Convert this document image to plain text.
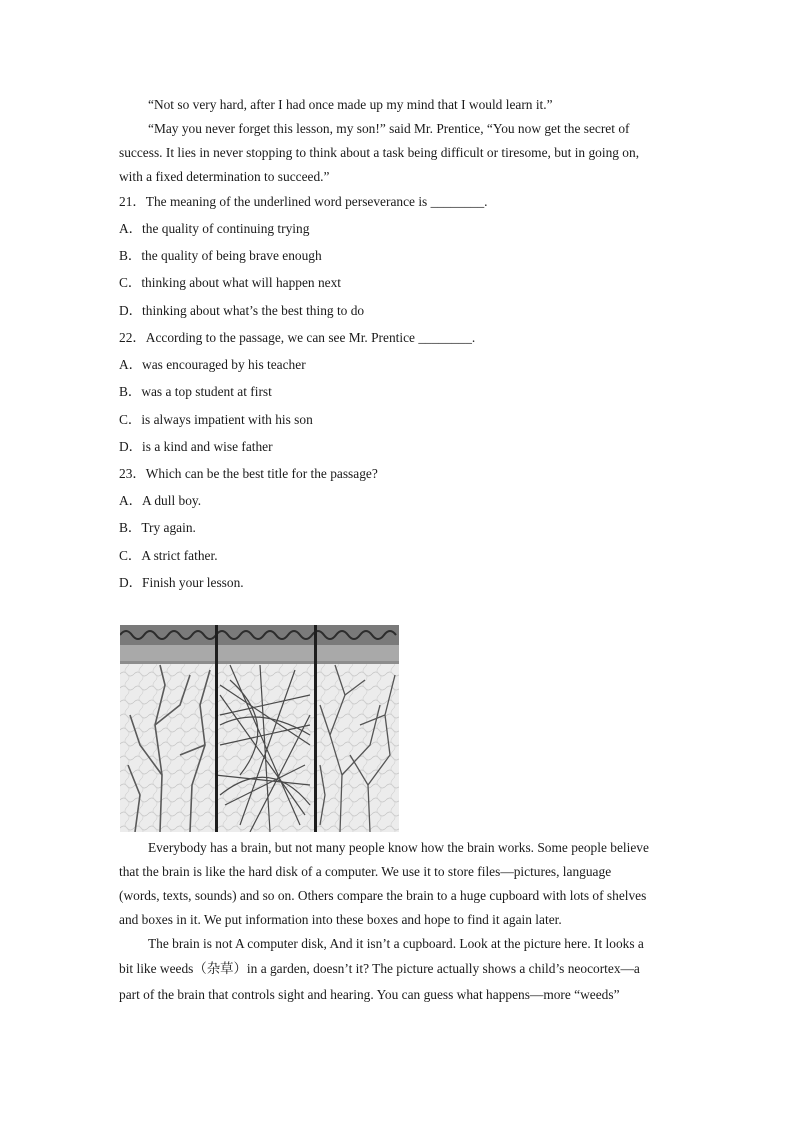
“Not so very hard, after I had once made up my mind that I would learn it.”
“May you never forget this lesson, my son!” said Mr. Prentice, “You now get the secret of
success. It lies in never stopping to think about a task being difficult or tiresome, but in going on,
with a fixed determination to succeed.”
21．The meaning of the underlined word perseverance is ________.
A．the quality of continuing trying
B．the quality of being brave enough
C．thinking about what will happen next
D．thinking about what’s the best thing to do
22．According to the passage, we can see Mr. Prentice ________.
A．was encouraged by his teacher
B．was a top student at first
C．is always impatient with his son
D．is a kind and wise father
23．Which can be the best title for the passage?
A．A dull boy.
B．Try again.
C．A strict father.
D．Finish your lesson.
Everybody has a brain, but not many people know how the brain works. Some people believe
that the brain is like the hard disk of a computer. We use it to store files—pictures, language
(words, texts, sounds) and so on. Others compare the brain to a huge cupboard with lots of shelves
and boxes in it. We put information into these boxes and hope to find it again later.
The brain is not A computer disk, And it isn’t a cupboard. Look at the picture here. It looks a
bit like weeds（杂草）in a garden, doesn’t it? The picture actually shows a child’s neocortex—a
part of the brain that controls sight and hearing. You can guess what happens—more “weeds”
